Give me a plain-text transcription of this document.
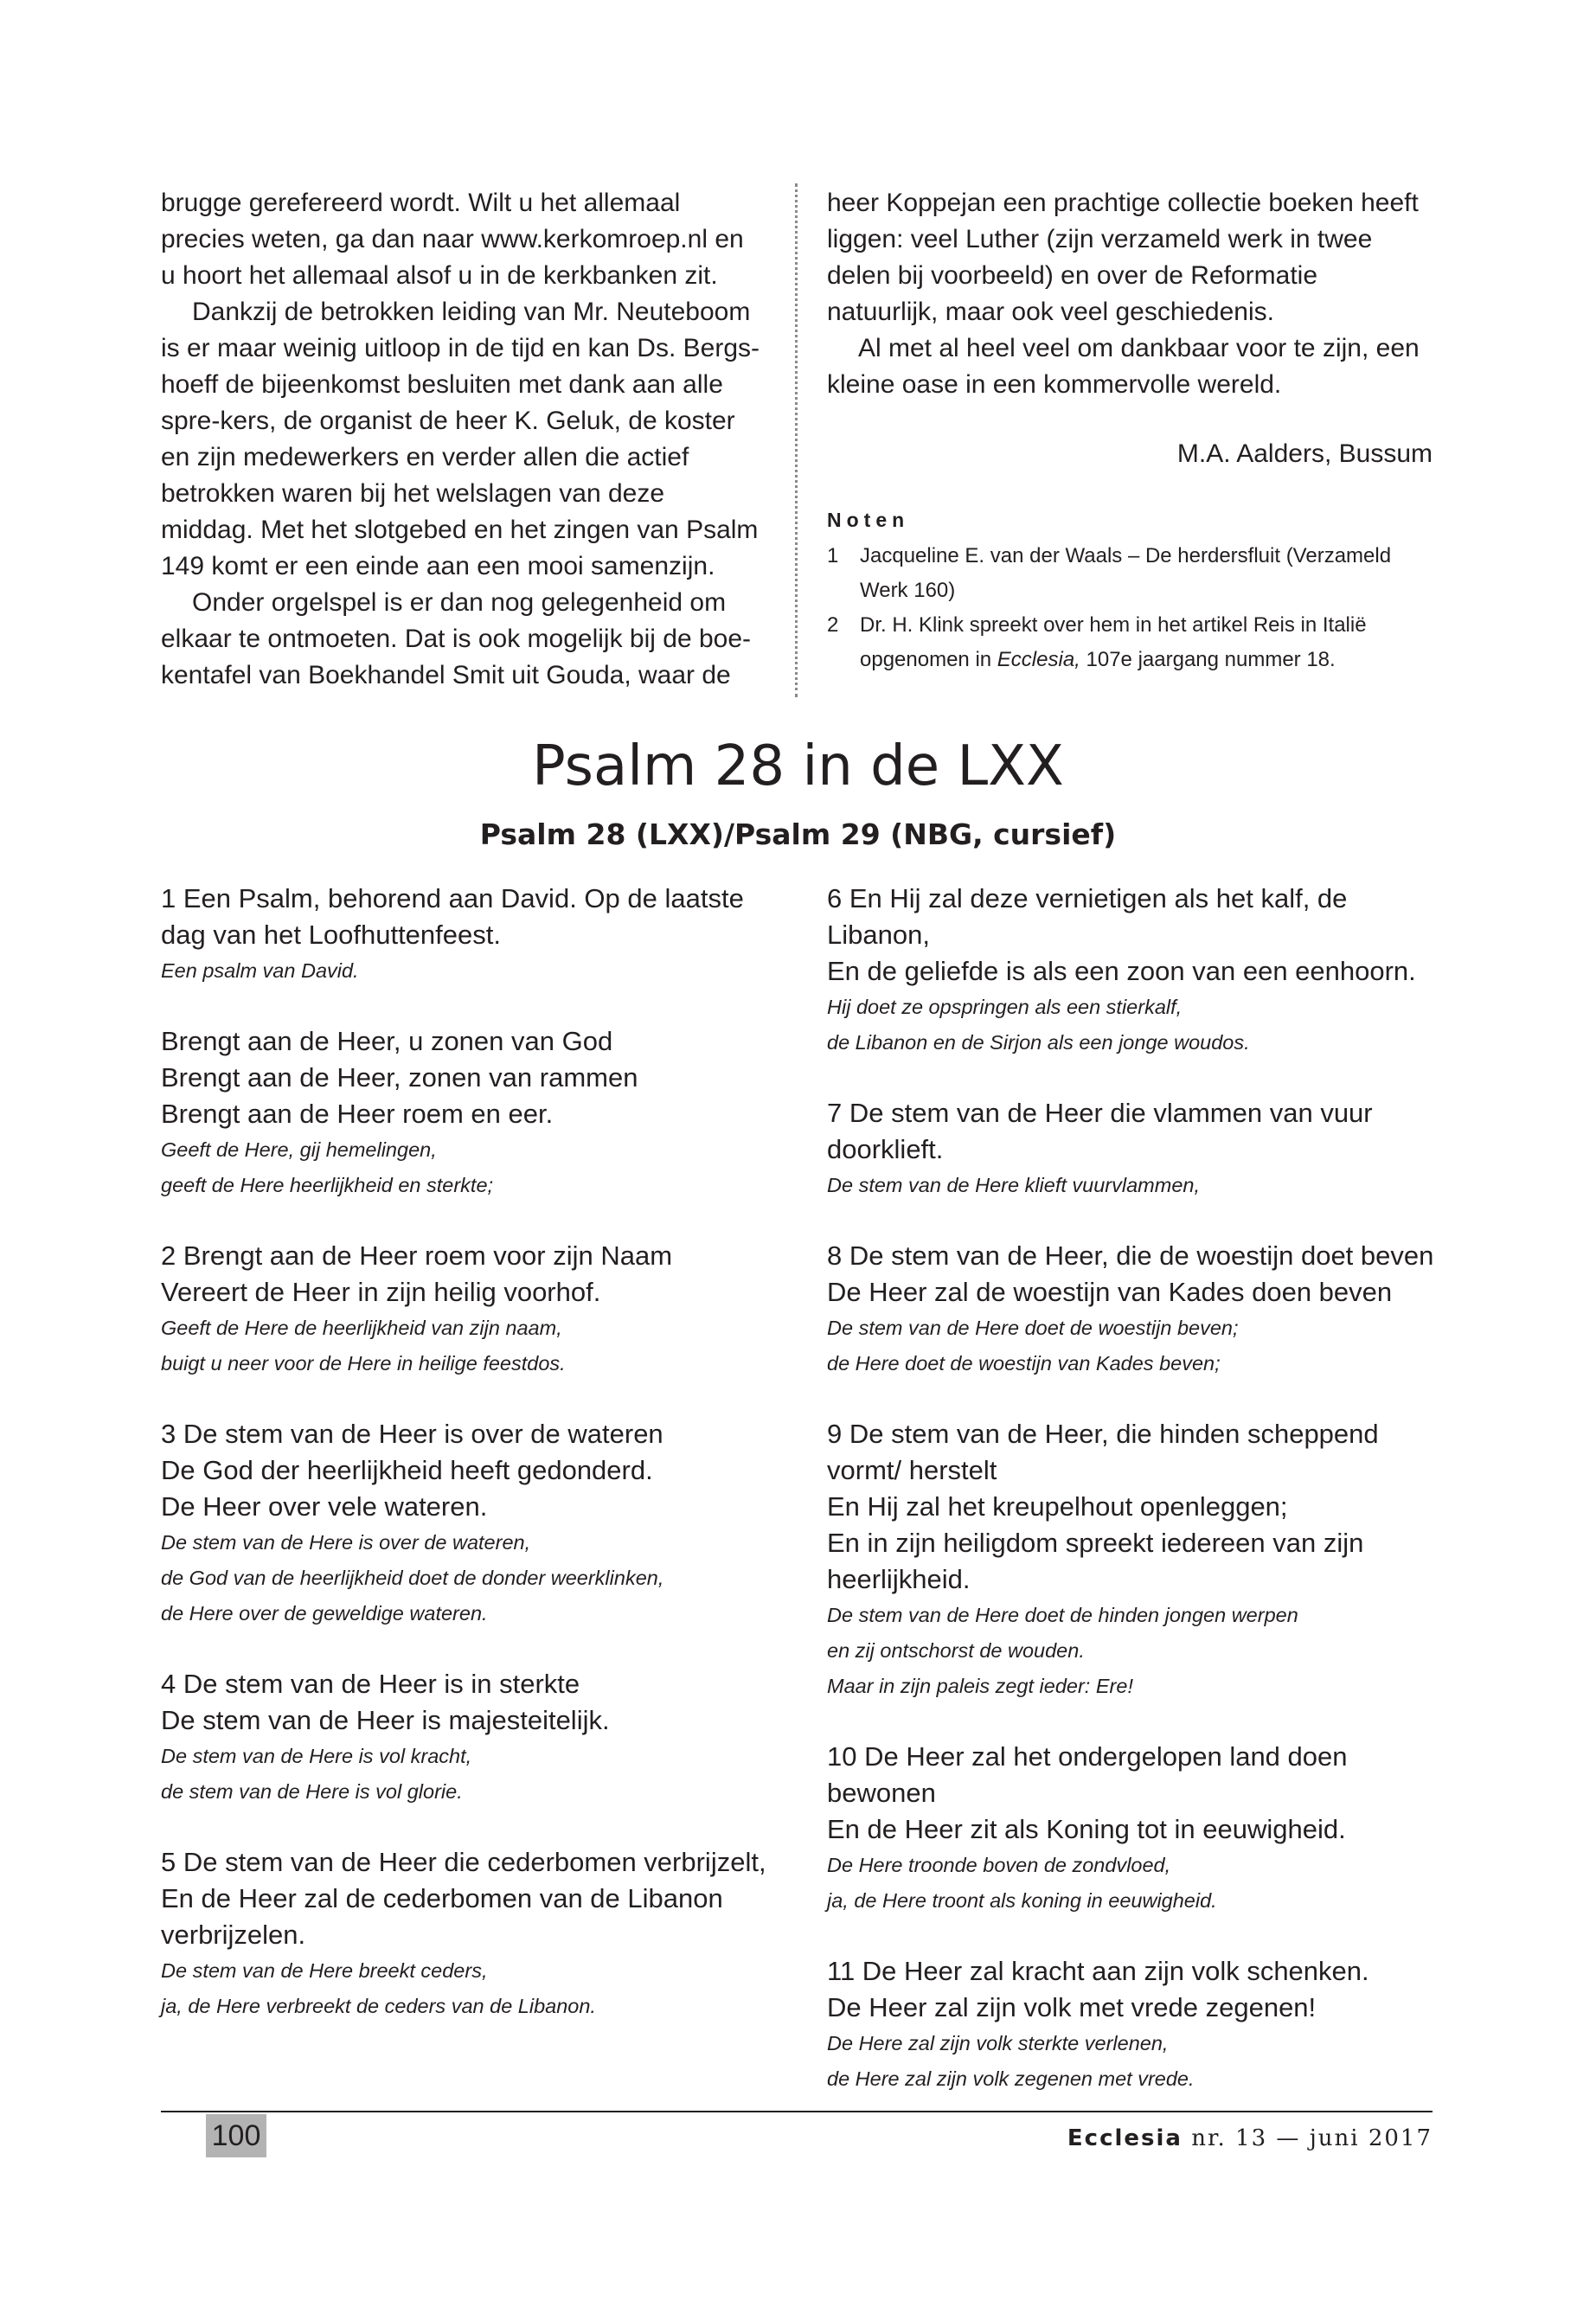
brugge gerefereerd wordt. Wilt u het allemaal precies weten, ga dan naar www.kerkomroep.nl en u hoort het allemaal alsof u in de kerkbanken zit.

Dankzij de betrokken leiding van Mr. Neuteboom is er maar weinig uitloop in de tijd en kan Ds. Bergs-hoeff de bijeenkomst besluiten met dank aan alle spre-kers, de organist de heer K. Geluk, de koster en zijn medewerkers en verder allen die actief betrokken waren bij het welslagen van deze middag. Met het slotgebed en het zingen van Psalm 149 komt er een einde aan een mooi samenzijn.

Onder orgelspel is er dan nog gelegenheid om elkaar te ontmoeten. Dat is ook mogelijk bij de boe-kentafel van Boekhandel Smit uit Gouda, waar de

heer Koppejan een prachtige collectie boeken heeft liggen: veel Luther (zijn verzameld werk in twee delen bij voorbeeld) en over de Reformatie natuurlijk, maar ook veel geschiedenis.

Al met al heel veel om dankbaar voor te zijn, een kleine oase in een kommervolle wereld.

M.A. Aalders, Bussum

Noten
1	Jacqueline E. van der Waals – De herdersfluit (Verzameld Werk 160)
2	Dr. H. Klink spreekt over hem in het artikel Reis in Italië opgenomen in Ecclesia, 107e jaargang nummer 18.
Psalm 28 in de LXX
Psalm 28 (LXX)/Psalm 29 (NBG, cursief)
1 Een Psalm, behorend aan David. Op de laatste dag van het Loofhuttenfeest.
Een psalm van David.
Brengt aan de Heer, u zonen van God
Brengt aan de Heer, zonen van rammen
Brengt aan de Heer roem en eer.
Geeft de Here, gij hemelingen,
geeft de Here heerlijkheid en sterkte;
2 Brengt aan de Heer roem voor zijn Naam
Vereert de Heer in zijn heilig voorhof.
Geeft de Here de heerlijkheid van zijn naam,
buigt u neer voor de Here in heilige feestdos.
3 De stem van de Heer is over de wateren
De God der heerlijkheid heeft gedonderd.
De Heer over vele wateren.
De stem van de Here is over de wateren,
de God van de heerlijkheid doet de donder weerklinken,
de Here over de geweldige wateren.
4 De stem van de Heer is in sterkte
De stem van de Heer is majesteitelijk.
De stem van de Here is vol kracht,
de stem van de Here is vol glorie.
5 De stem van de Heer die cederbomen verbrijzelt,
En de Heer zal de cederbomen van de Libanon verbrijzelen.
De stem van de Here breekt ceders,
ja, de Here verbreekt de ceders van de Libanon.
6 En Hij zal deze vernietigen als het kalf, de Libanon,
En de geliefde is als een zoon van een eenhoorn.
Hij doet ze opspringen als een stierkalf,
de Libanon en de Sirjon als een jonge woudos.
7 De stem van de Heer die vlammen van vuur doorklieft.
De stem van de Here klieft vuurvlammen,
8 De stem van de Heer, die de woestijn doet beven
De Heer zal de woestijn van Kades doen beven
De stem van de Here doet de woestijn beven;
de Here doet de woestijn van Kades beven;
9 De stem van de Heer, die hinden scheppend vormt/ herstelt
En Hij zal het kreupelhout openleggen;
En in zijn heiligdom spreekt iedereen van zijn heerlijkheid.
De stem van de Here doet de hinden jongen werpen
en zij ontschorst de wouden.
Maar in zijn paleis zegt ieder: Ere!
10 De Heer zal het ondergelopen land doen bewonen
En de Heer zit als Koning tot in eeuwigheid.
De Here troonde boven de zondvloed,
ja, de Here troont als koning in eeuwigheid.
11 De Heer zal kracht aan zijn volk schenken.
De Heer zal zijn volk met vrede zegenen!
De Here zal zijn volk sterkte verlenen,
de Here zal zijn volk zegenen met vrede.
100	Ecclesia nr. 13 — juni 2017
